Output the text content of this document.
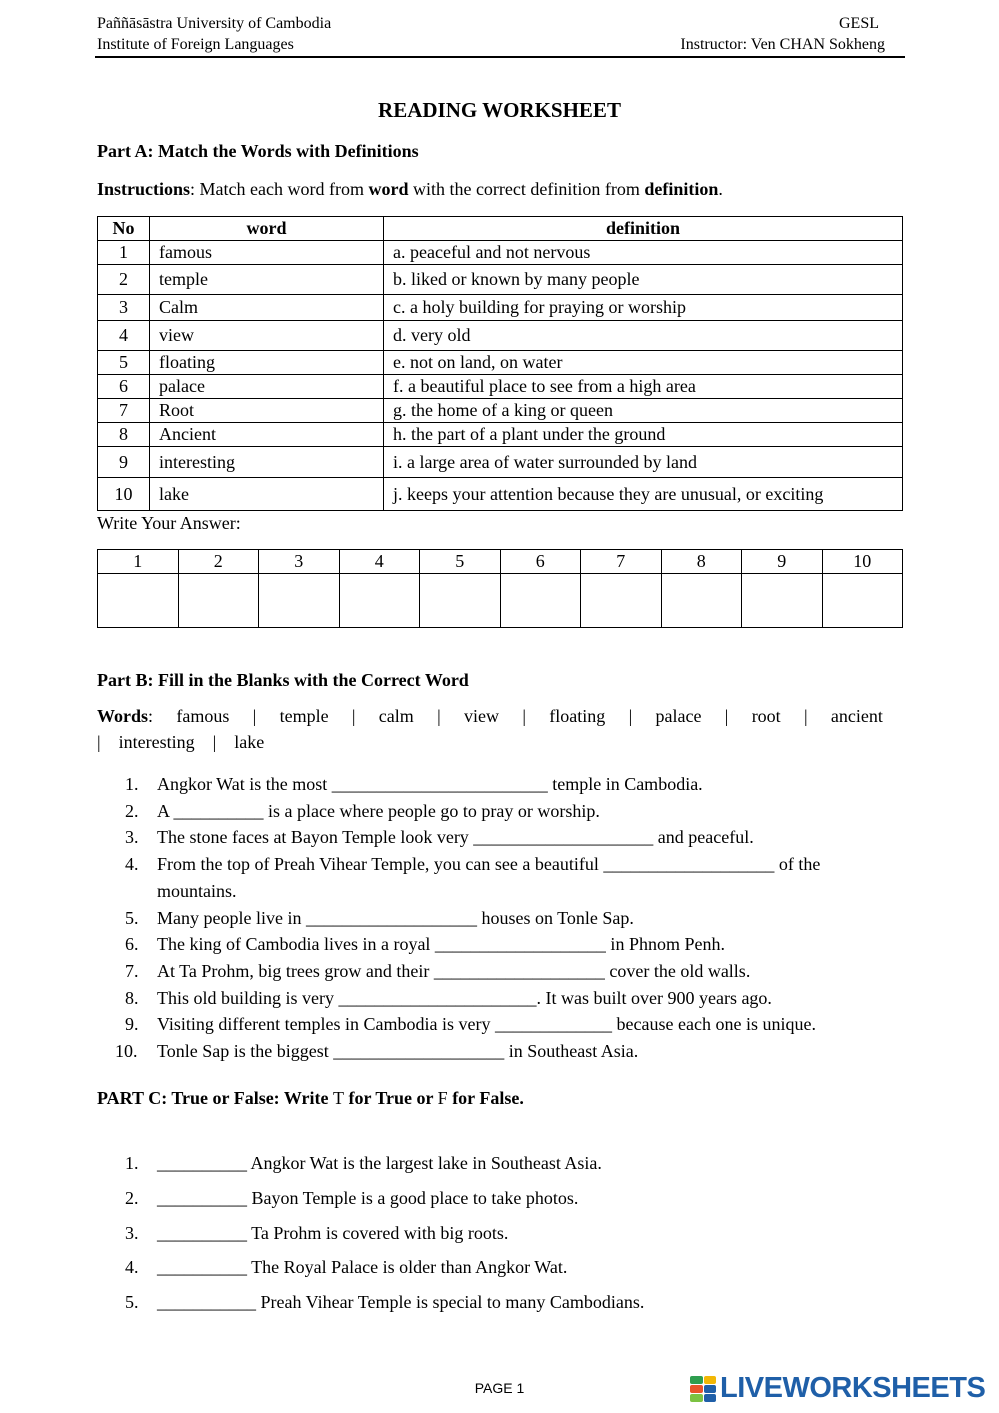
Paññāsāstra University of Cambodia
Institute of Foreign Languages
GESL
Instructor: Ven CHAN Sokheng
READING WORKSHEET
Part A: Match the Words with Definitions
Instructions: Match each word from word with the correct definition from definition.
No	word	definition
1	famous	a. peaceful and not nervous
2	temple	b. liked or known by many people
3	Calm	c. a holy building for praying or worship
4	view	d. very old
5	floating	e. not on land, on water
6	palace	f. a beautiful place to see from a high area
7	Root	g. the home of a king or queen
8	Ancient	h. the part of a plant under the ground
9	interesting	i. a large area of water surrounded by land
10	lake	j. keeps your attention because they are unusual, or exciting
Write Your Answer:
1	2	3	4	5	6	7	8	9	10

Part B: Fill in the Blanks with the Correct Word
Words: famous | temple | calm | view | floating | palace | root | ancient
| interesting | lake
1. Angkor Wat is the most ________________________ temple in Cambodia.
2. A __________ is a place where people go to pray or worship.
3. The stone faces at Bayon Temple look very ____________________ and peaceful.
4. From the top of Preah Vihear Temple, you can see a beautiful ___________________ of the mountains.
5. Many people live in ___________________ houses on Tonle Sap.
6. The king of Cambodia lives in a royal ___________________ in Phnom Penh.
7. At Ta Prohm, big trees grow and their ___________________ cover the old walls.
8. This old building is very ______________________. It was built over 900 years ago.
9. Visiting different temples in Cambodia is very _____________ because each one is unique.
10. Tonle Sap is the biggest ___________________ in Southeast Asia.
PART C: True or False: Write T for True or F for False.
1. __________ Angkor Wat is the largest lake in Southeast Asia.
2. __________ Bayon Temple is a good place to take photos.
3. __________ Ta Prohm is covered with big roots.
4. __________ The Royal Palace is older than Angkor Wat.
5. ___________ Preah Vihear Temple is special to many Cambodians.
PAGE 1	LIVEWORKSHEETS
